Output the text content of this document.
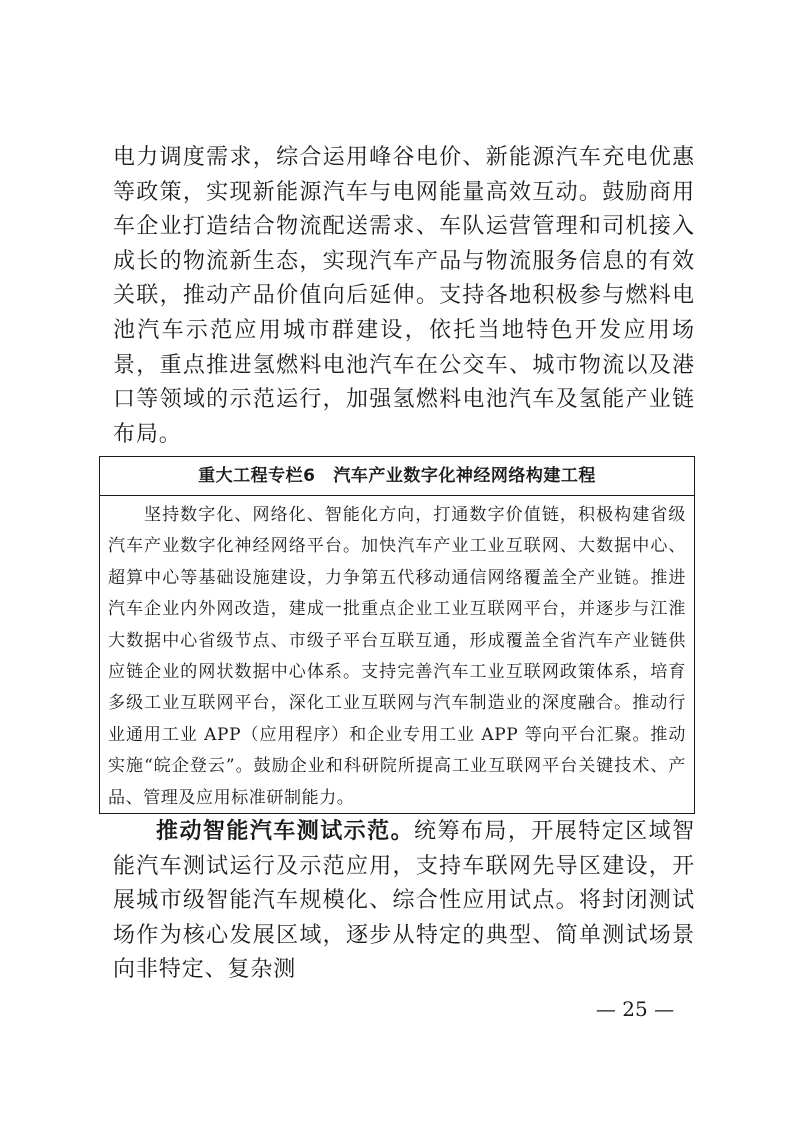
电力调度需求，综合运用峰谷电价、新能源汽车充电优惠等政策，实现新能源汽车与电网能量高效互动。鼓励商用车企业打造结合物流配送需求、车队运营管理和司机接入成长的物流新生态，实现汽车产品与物流服务信息的有效关联，推动产品价值向后延伸。支持各地积极参与燃料电池汽车示范应用城市群建设，依托当地特色开发应用场景，重点推进氢燃料电池汽车在公交车、城市物流以及港口等领域的示范运行，加强氢燃料电池汽车及氢能产业链布局。

重大工程专栏6 汽车产业数字化神经网络构建工程

坚持数字化、网络化、智能化方向，打通数字价值链，积极构建省级汽车产业数字化神经网络平台。加快汽车产业工业互联网、大数据中心、超算中心等基础设施建设，力争第五代移动通信网络覆盖全产业链。推进汽车企业内外网改造，建成一批重点企业工业互联网平台，并逐步与江淮大数据中心省级节点、市级子平台互联互通，形成覆盖全省汽车产业链供应链企业的网状数据中心体系。支持完善汽车工业互联网政策体系，培育多级工业互联网平台，深化工业互联网与汽车制造业的深度融合。推动行业通用工业 APP（应用程序）和企业专用工业 APP 等向平台汇聚。推动实施“皖企登云”。鼓励企业和科研院所提高工业互联网平台关键技术、产品、管理及应用标准研制能力。

推动智能汽车测试示范。统筹布局，开展特定区域智能汽车测试运行及示范应用，支持车联网先导区建设，开展城市级智能汽车规模化、综合性应用试点。将封闭测试场作为核心发展区域，逐步从特定的典型、简单测试场景向非特定、复杂测

— 25 —
